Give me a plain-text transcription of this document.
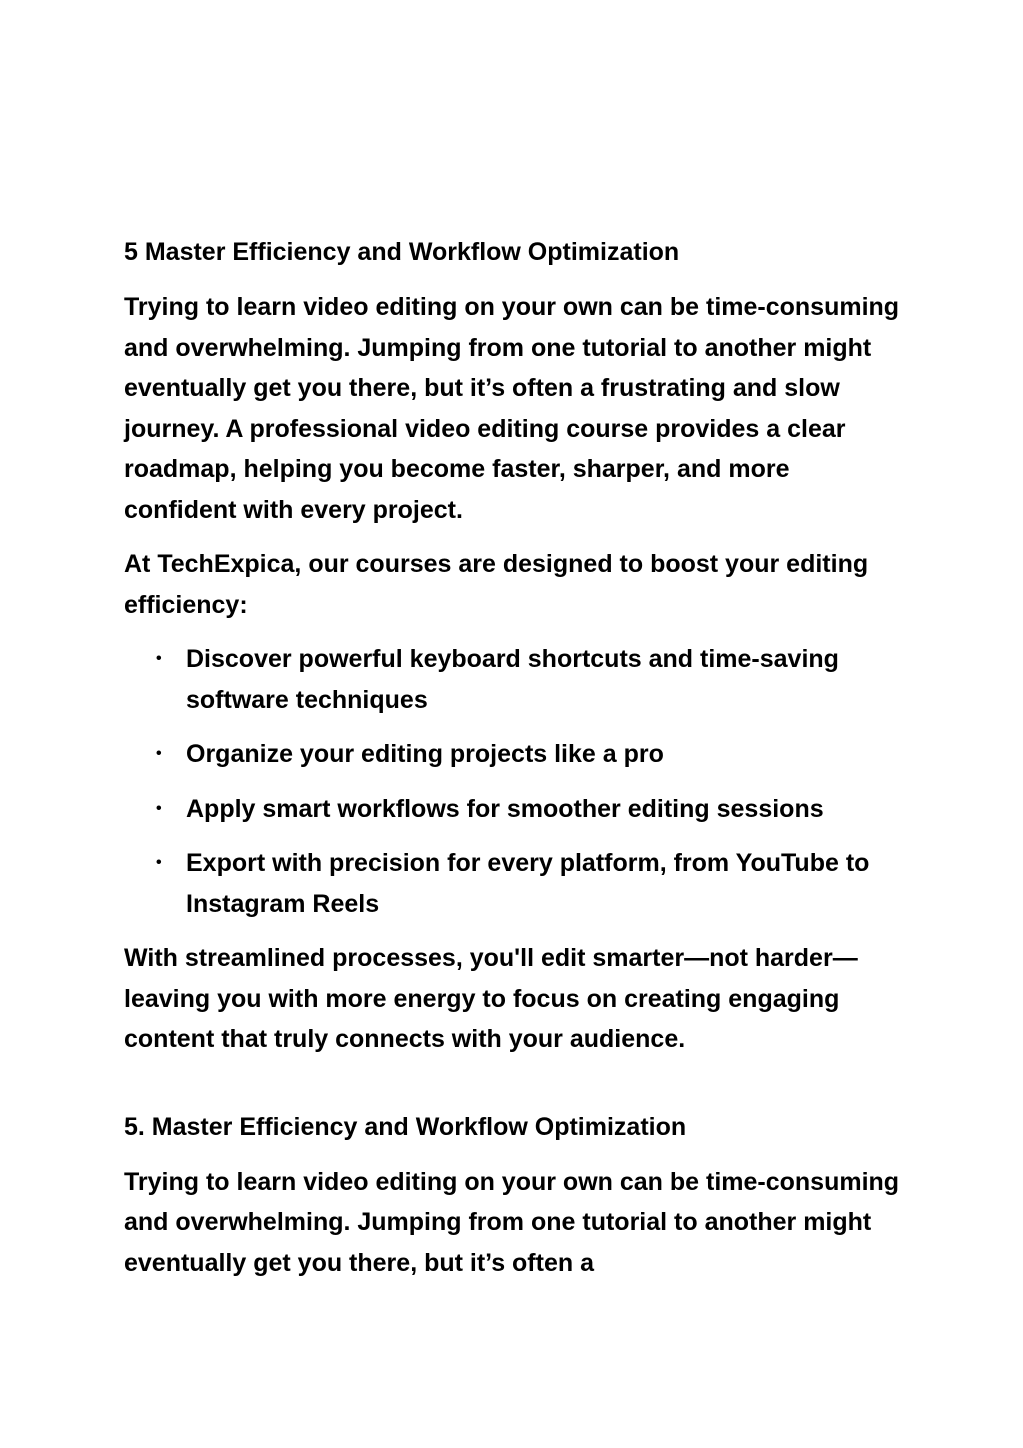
5 Master Efficiency and Workflow Optimization

Trying to learn video editing on your own can be time-consuming and overwhelming. Jumping from one tutorial to another might eventually get you there, but it’s often a frustrating and slow journey. A professional video editing course provides a clear roadmap, helping you become faster, sharper, and more confident with every project.

At TechExpica, our courses are designed to boost your editing efficiency:

• Discover powerful keyboard shortcuts and time-saving software techniques
• Organize your editing projects like a pro
• Apply smart workflows for smoother editing sessions
• Export with precision for every platform, from YouTube to Instagram Reels

With streamlined processes, you'll edit smarter—not harder—leaving you with more energy to focus on creating engaging content that truly connects with your audience.

5. Master Efficiency and Workflow Optimization

Trying to learn video editing on your own can be time-consuming and overwhelming. Jumping from one tutorial to another might eventually get you there, but it’s often a
